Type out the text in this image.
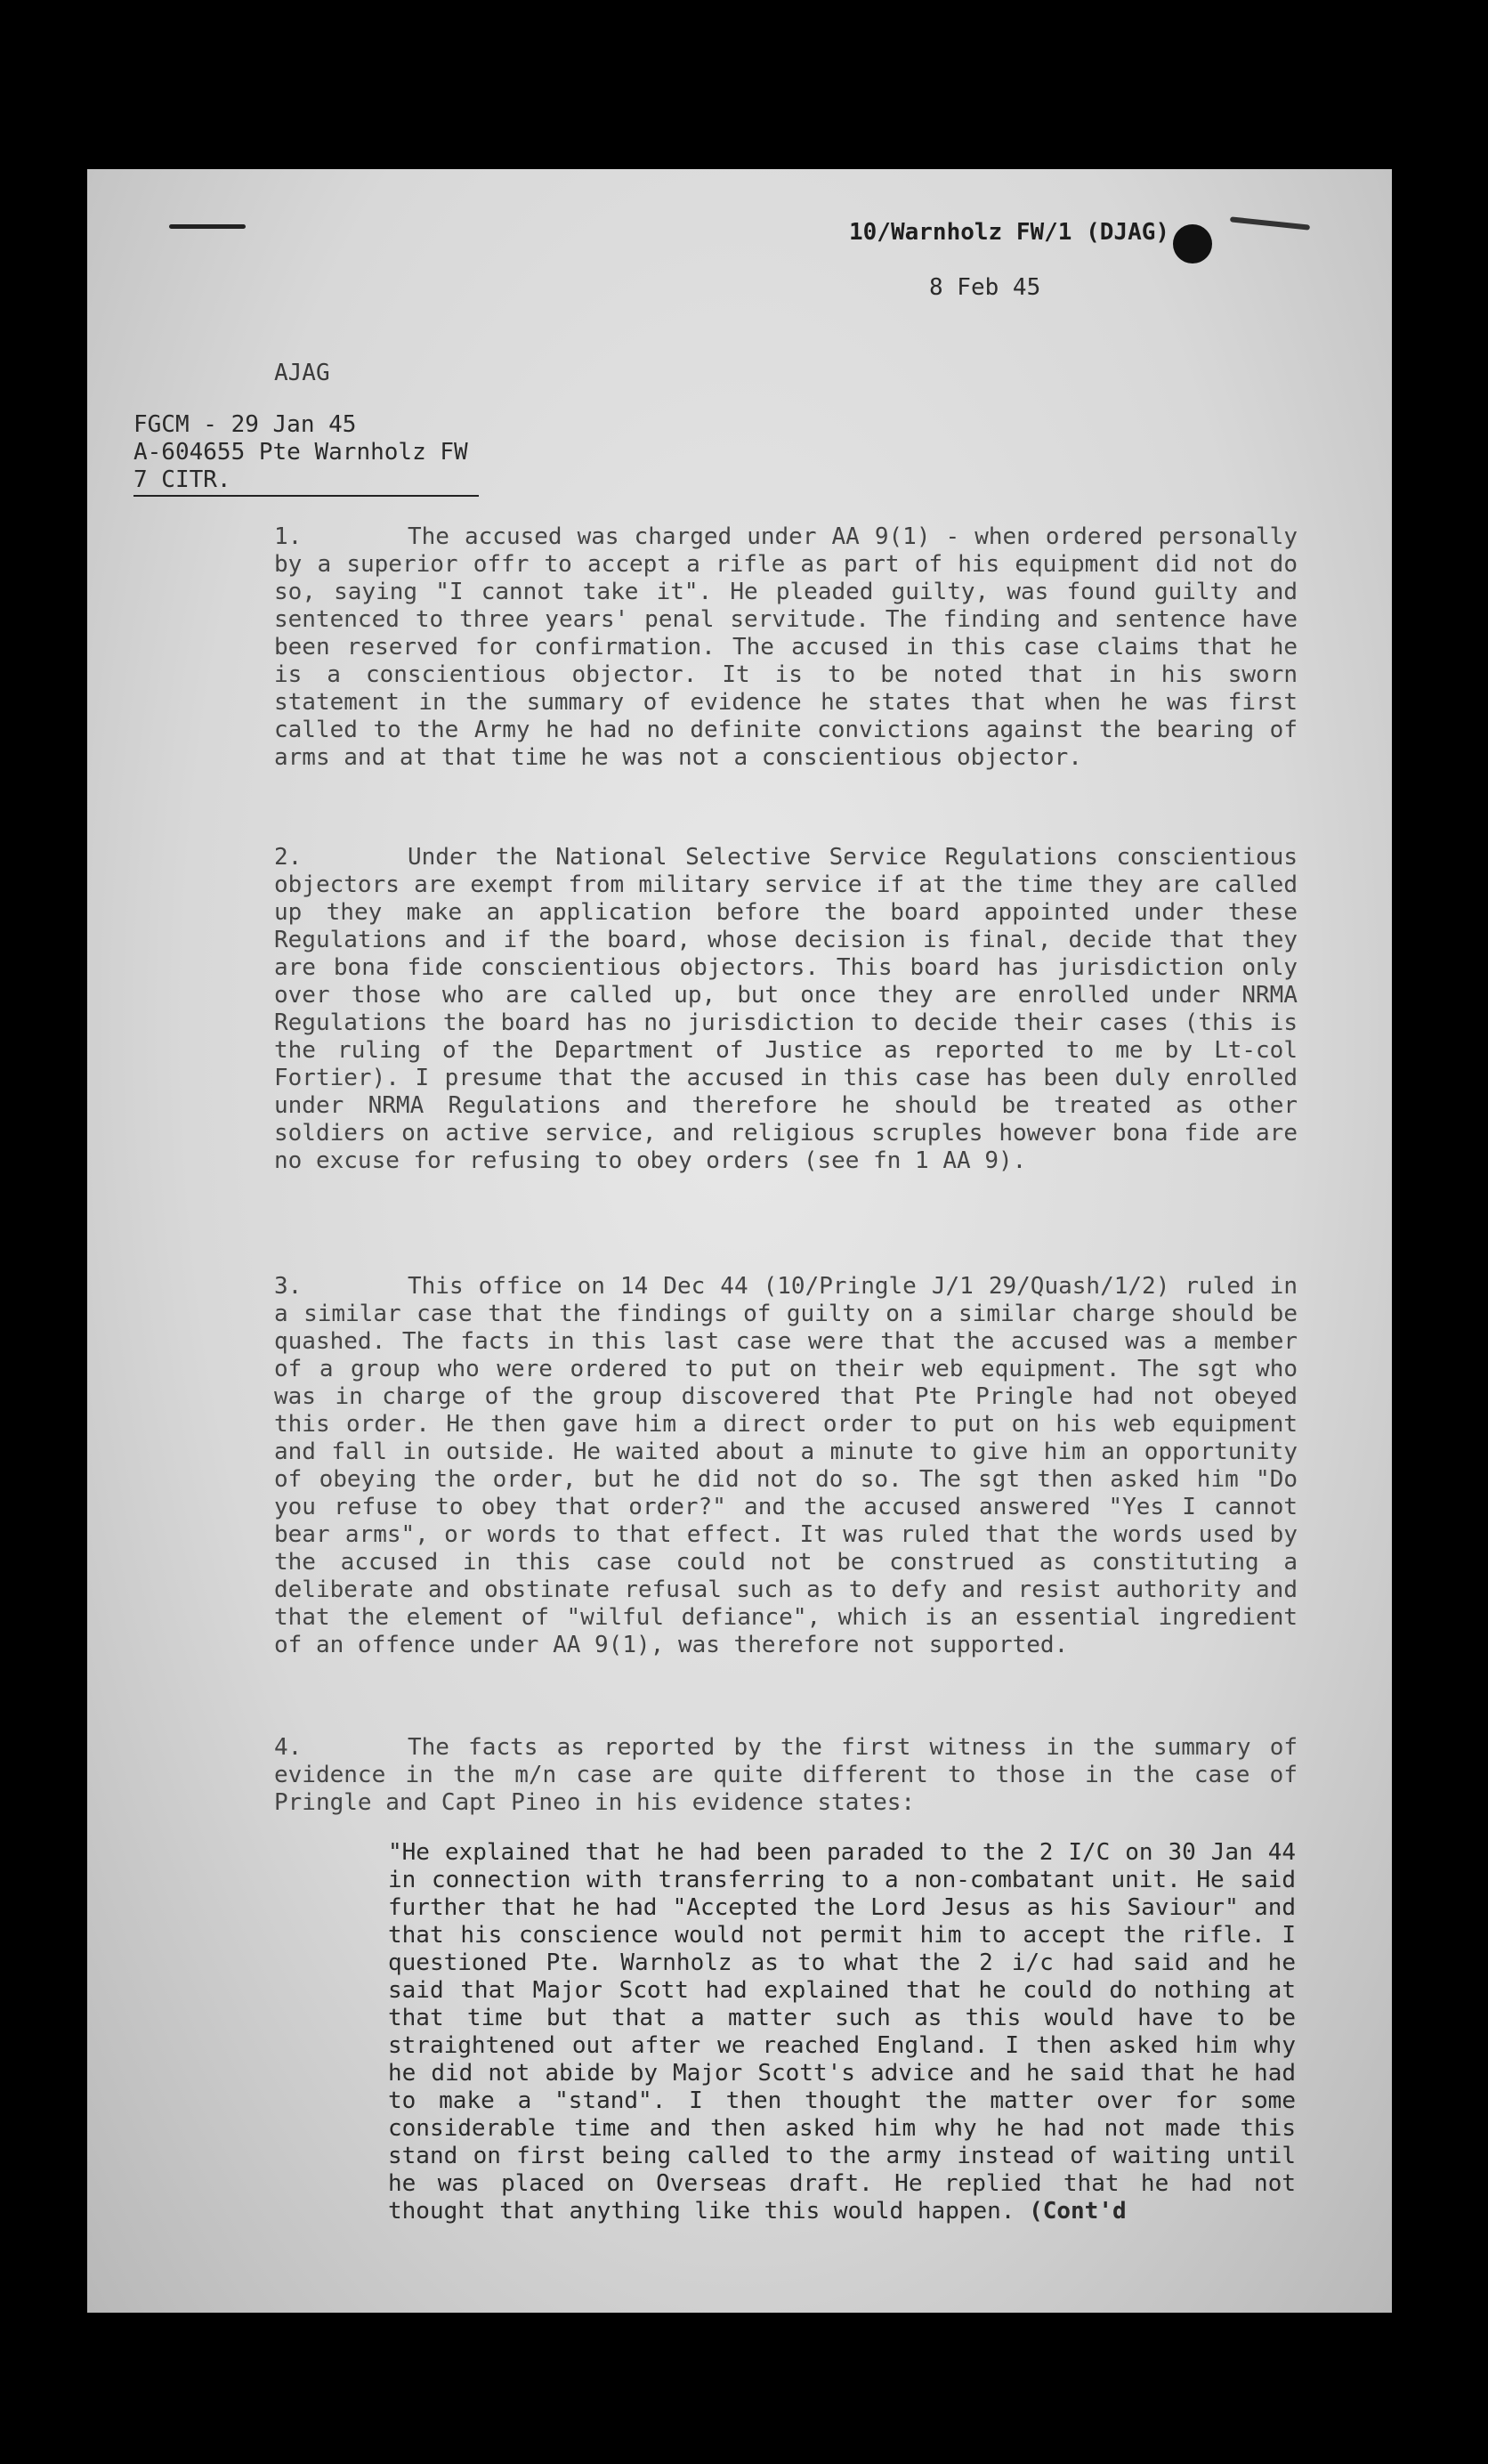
10/Warnholz FW/1 (DJAG)
8 Feb 45
AJAG
FGCM - 29 Jan 45
A-604655 Pte Warnholz FW
7 CITR.
1.	The accused was charged under AA 9(1) - when ordered personally by a superior offr to accept a rifle as part of his equipment did not do so, saying "I cannot take it". He pleaded guilty, was found guilty and sentenced to three years' penal servitude. The finding and sentence have been reserved for confirmation. The accused in this case claims that he is a conscientious objector. It is to be noted that in his sworn statement in the summary of evidence he states that when he was first called to the Army he had no definite convictions against the bearing of arms and at that time he was not a conscientious objector.
2.	Under the National Selective Service Regulations conscientious objectors are exempt from military service if at the time they are called up they make an application before the board appointed under these Regulations and if the board, whose decision is final, decide that they are bona fide conscientious objectors. This board has jurisdiction only over those who are called up, but once they are enrolled under NRMA Regulations the board has no jurisdiction to decide their cases (this is the ruling of the Department of Justice as reported to me by Lt-col Fortier). I presume that the accused in this case has been duly enrolled under NRMA Regulations and therefore he should be treated as other soldiers on active service, and religious scruples however bona fide are no excuse for refusing to obey orders (see fn 1 AA 9).
3.	This office on 14 Dec 44 (10/Pringle J/1 29/Quash/1/2) ruled in a similar case that the findings of guilty on a similar charge should be quashed. The facts in this last case were that the accused was a member of a group who were ordered to put on their web equipment. The sgt who was in charge of the group discovered that Pte Pringle had not obeyed this order. He then gave him a direct order to put on his web equipment and fall in outside. He waited about a minute to give him an opportunity of obeying the order, but he did not do so. The sgt then asked him "Do you refuse to obey that order?" and the accused answered "Yes I cannot bear arms", or words to that effect. It was ruled that the words used by the accused in this case could not be construed as constituting a deliberate and obstinate refusal such as to defy and resist authority and that the element of "wilful defiance", which is an essential ingredient of an offence under AA 9(1), was therefore not supported.
4.	The facts as reported by the first witness in the summary of evidence in the m/n case are quite different to those in the case of Pringle and Capt Pineo in his evidence states:
"He explained that he had been paraded to the 2 I/C on 30 Jan 44 in connection with transferring to a non-combatant unit. He said further that he had "Accepted the Lord Jesus as his Saviour" and that his conscience would not permit him to accept the rifle. I questioned Pte. Warnholz as to what the 2 i/c had said and he said that Major Scott had explained that he could do nothing at that time but that a matter such as this would have to be straightened out after we reached England. I then asked him why he did not abide by Major Scott's advice and he said that he had to make a "stand". I then thought the matter over for some considerable time and then asked him why he had not made this stand on first being called to the army instead of waiting until he was placed on Overseas draft. He replied that he had not thought that anything like this would happen. (Cont'd
